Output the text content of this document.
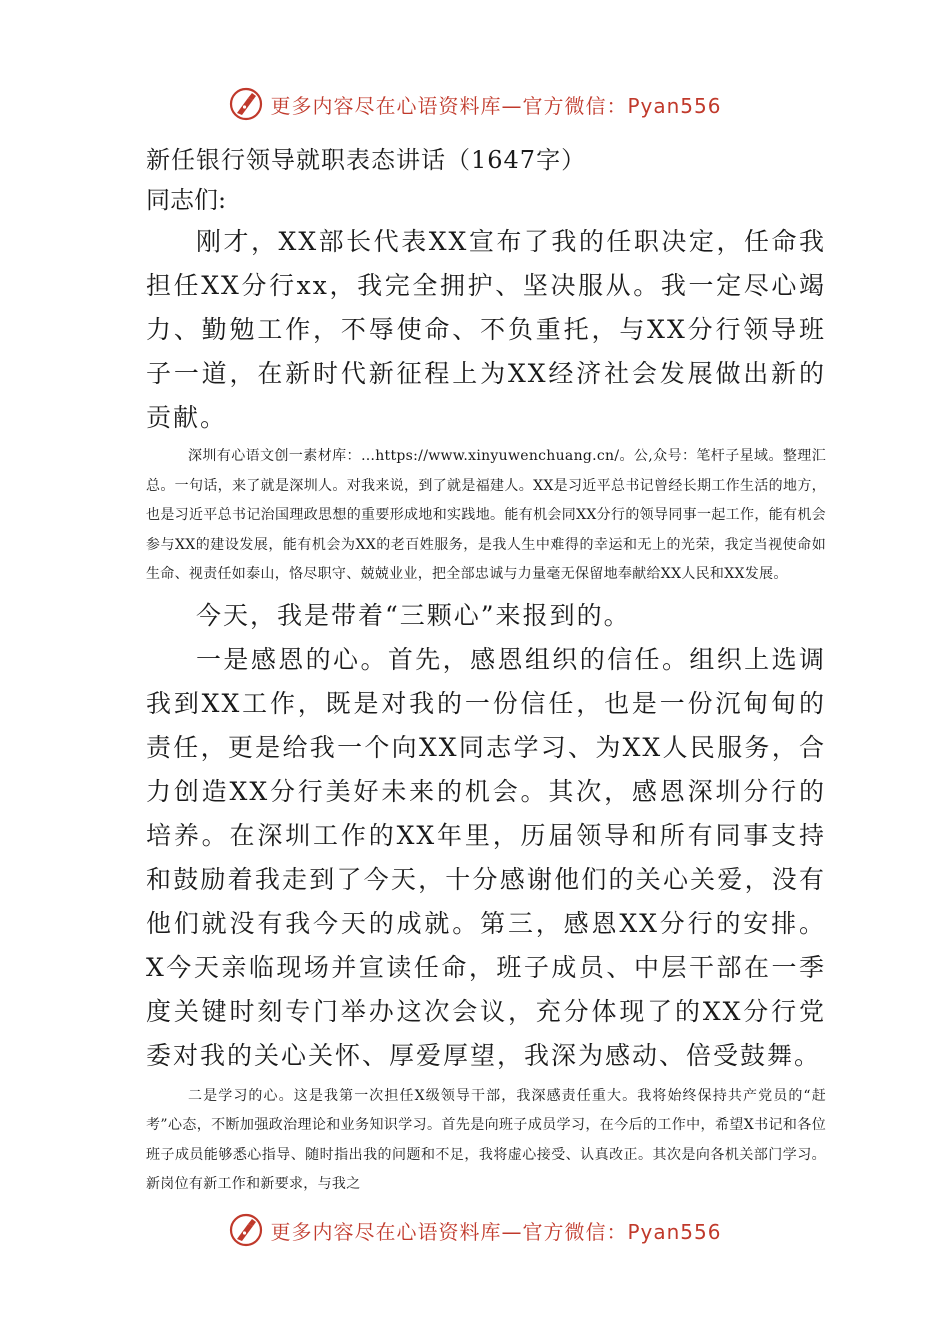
更多内容尽在心语资料库—官方微信：Pyan556

新任银行领导就职表态讲话（1647字）

同志们:

刚才，XX部长代表XX宣布了我的任职决定，任命我担任XX分行xx，我完全拥护、坚决服从。我一定尽心竭力、勤勉工作，不辱使命、不负重托，与XX分行领导班子一道，在新时代新征程上为XX经济社会发展做出新的贡献。

深圳有心语文创一素材库：…https://www.xinyuwenchuang.cn/。公,众号：笔杆子星域。整理汇总。一句话，来了就是深圳人。对我来说，到了就是福建人。XX是习近平总书记曾经长期工作生活的地方，也是习近平总书记治国理政思想的重要形成地和实践地。能有机会同XX分行的领导同事一起工作，能有机会参与XX的建设发展，能有机会为XX的老百姓服务，是我人生中难得的幸运和无上的光荣，我定当视使命如生命、视责任如泰山，恪尽职守、兢兢业业，把全部忠诚与力量毫无保留地奉献给XX人民和XX发展。

今天，我是带着“三颗心”来报到的。

一是感恩的心。首先，感恩组织的信任。组织上选调我到XX工作，既是对我的一份信任，也是一份沉甸甸的责任，更是给我一个向XX同志学习、为XX人民服务，合力创造XX分行美好未来的机会。其次，感恩深圳分行的培养。在深圳工作的XX年里，历届领导和所有同事支持和鼓励着我走到了今天，十分感谢他们的关心关爱，没有他们就没有我今天的成就。第三，感恩XX分行的安排。X今天亲临现场并宣读任命，班子成员、中层干部在一季度关键时刻专门举办这次会议，充分体现了的XX分行党委对我的关心关怀、厚爱厚望，我深为感动、倍受鼓舞。

二是学习的心。这是我第一次担任X级领导干部，我深感责任重大。我将始终保持共产党员的“赶考”心态，不断加强政治理论和业务知识学习。首先是向班子成员学习，在今后的工作中，希望X书记和各位班子成员能够悉心指导、随时指出我的问题和不足，我将虚心接受、认真改正。其次是向各机关部门学习。新岗位有新工作和新要求，与我之

更多内容尽在心语资料库—官方微信：Pyan556
